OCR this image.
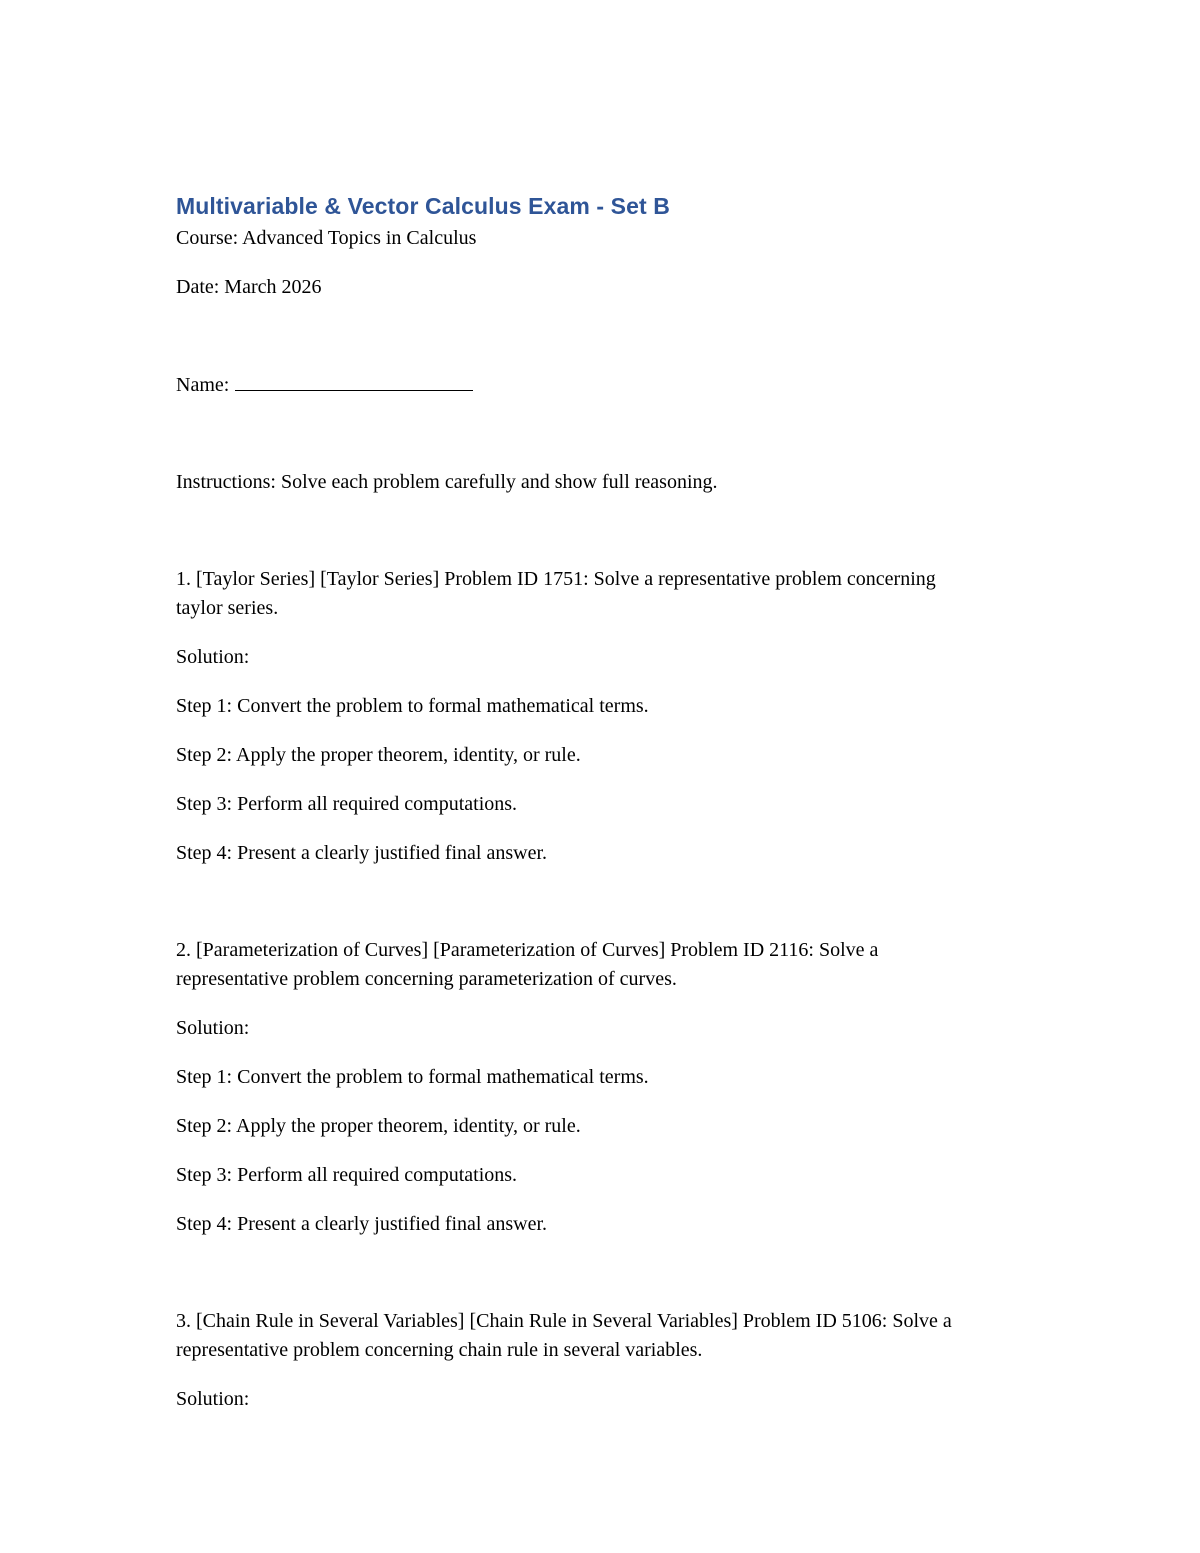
Multivariable & Vector Calculus Exam - Set B
Course: Advanced Topics in Calculus
Date: March 2026
Name:
Instructions: Solve each problem carefully and show full reasoning.
1. [Taylor Series] [Taylor Series] Problem ID 1751: Solve a representative problem concerning taylor series.
Solution:
Step 1: Convert the problem to formal mathematical terms.
Step 2: Apply the proper theorem, identity, or rule.
Step 3: Perform all required computations.
Step 4: Present a clearly justified final answer.
2. [Parameterization of Curves] [Parameterization of Curves] Problem ID 2116: Solve a representative problem concerning parameterization of curves.
Solution:
Step 1: Convert the problem to formal mathematical terms.
Step 2: Apply the proper theorem, identity, or rule.
Step 3: Perform all required computations.
Step 4: Present a clearly justified final answer.
3. [Chain Rule in Several Variables] [Chain Rule in Several Variables] Problem ID 5106: Solve a representative problem concerning chain rule in several variables.
Solution:
